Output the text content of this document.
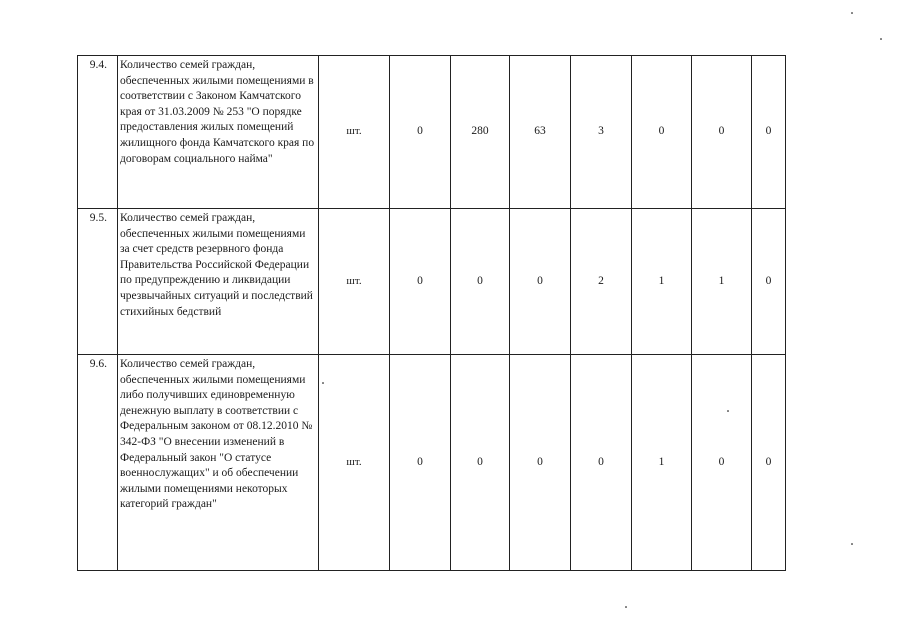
9.4.	Количество семей граждан, обеспеченных жилыми помещениями в соответствии с Законом Камчатского края от 31.03.2009 № 253 "О порядке предоставления жилых помещений жилищного фонда Камчатского края по договорам социального найма"	шт.	0	280	63	3	0	0	0
9.5.	Количество семей граждан, обеспеченных жилыми помещениями за счет средств резервного фонда Правительства Российской Федерации по предупреждению и ликвидации чрезвычайных ситуаций и последствий стихийных бедствий	шт.	0	0	0	2	1	1	0
9.6.	Количество семей граждан, обеспеченных жилыми помещениями либо получивших единовременную денежную выплату в соответствии с Федеральным законом от 08.12.2010 № 342-ФЗ "О внесении изменений в Федеральный закон "О статусе военнослужащих" и об обеспечении жилыми помещениями некоторых категорий граждан"	шт.	0	0	0	0	1	0	0
